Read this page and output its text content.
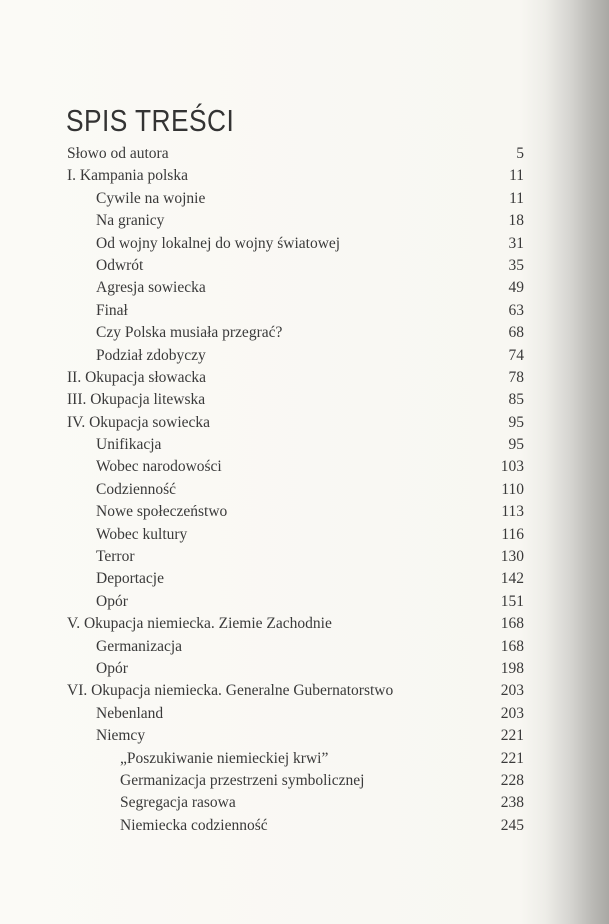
SPIS TREŚCI
Słowo od autora	5
I. Kampania polska	11
Cywile na wojnie	11
Na granicy	18
Od wojny lokalnej do wojny światowej	31
Odwrót	35
Agresja sowiecka	49
Finał	63
Czy Polska musiała przegrać?	68
Podział zdobyczy	74
II. Okupacja słowacka	78
III. Okupacja litewska	85
IV. Okupacja sowiecka	95
Unifikacja	95
Wobec narodowości	103
Codzienność	110
Nowe społeczeństwo	113
Wobec kultury	116
Terror	130
Deportacje	142
Opór	151
V. Okupacja niemiecka. Ziemie Zachodnie	168
Germanizacja	168
Opór	198
VI. Okupacja niemiecka. Generalne Gubernatorstwo	203
Nebenland	203
Niemcy	221
„Poszukiwanie niemieckiej krwi”	221
Germanizacja przestrzeni symbolicznej	228
Segregacja rasowa	238
Niemiecka codzienność	245
